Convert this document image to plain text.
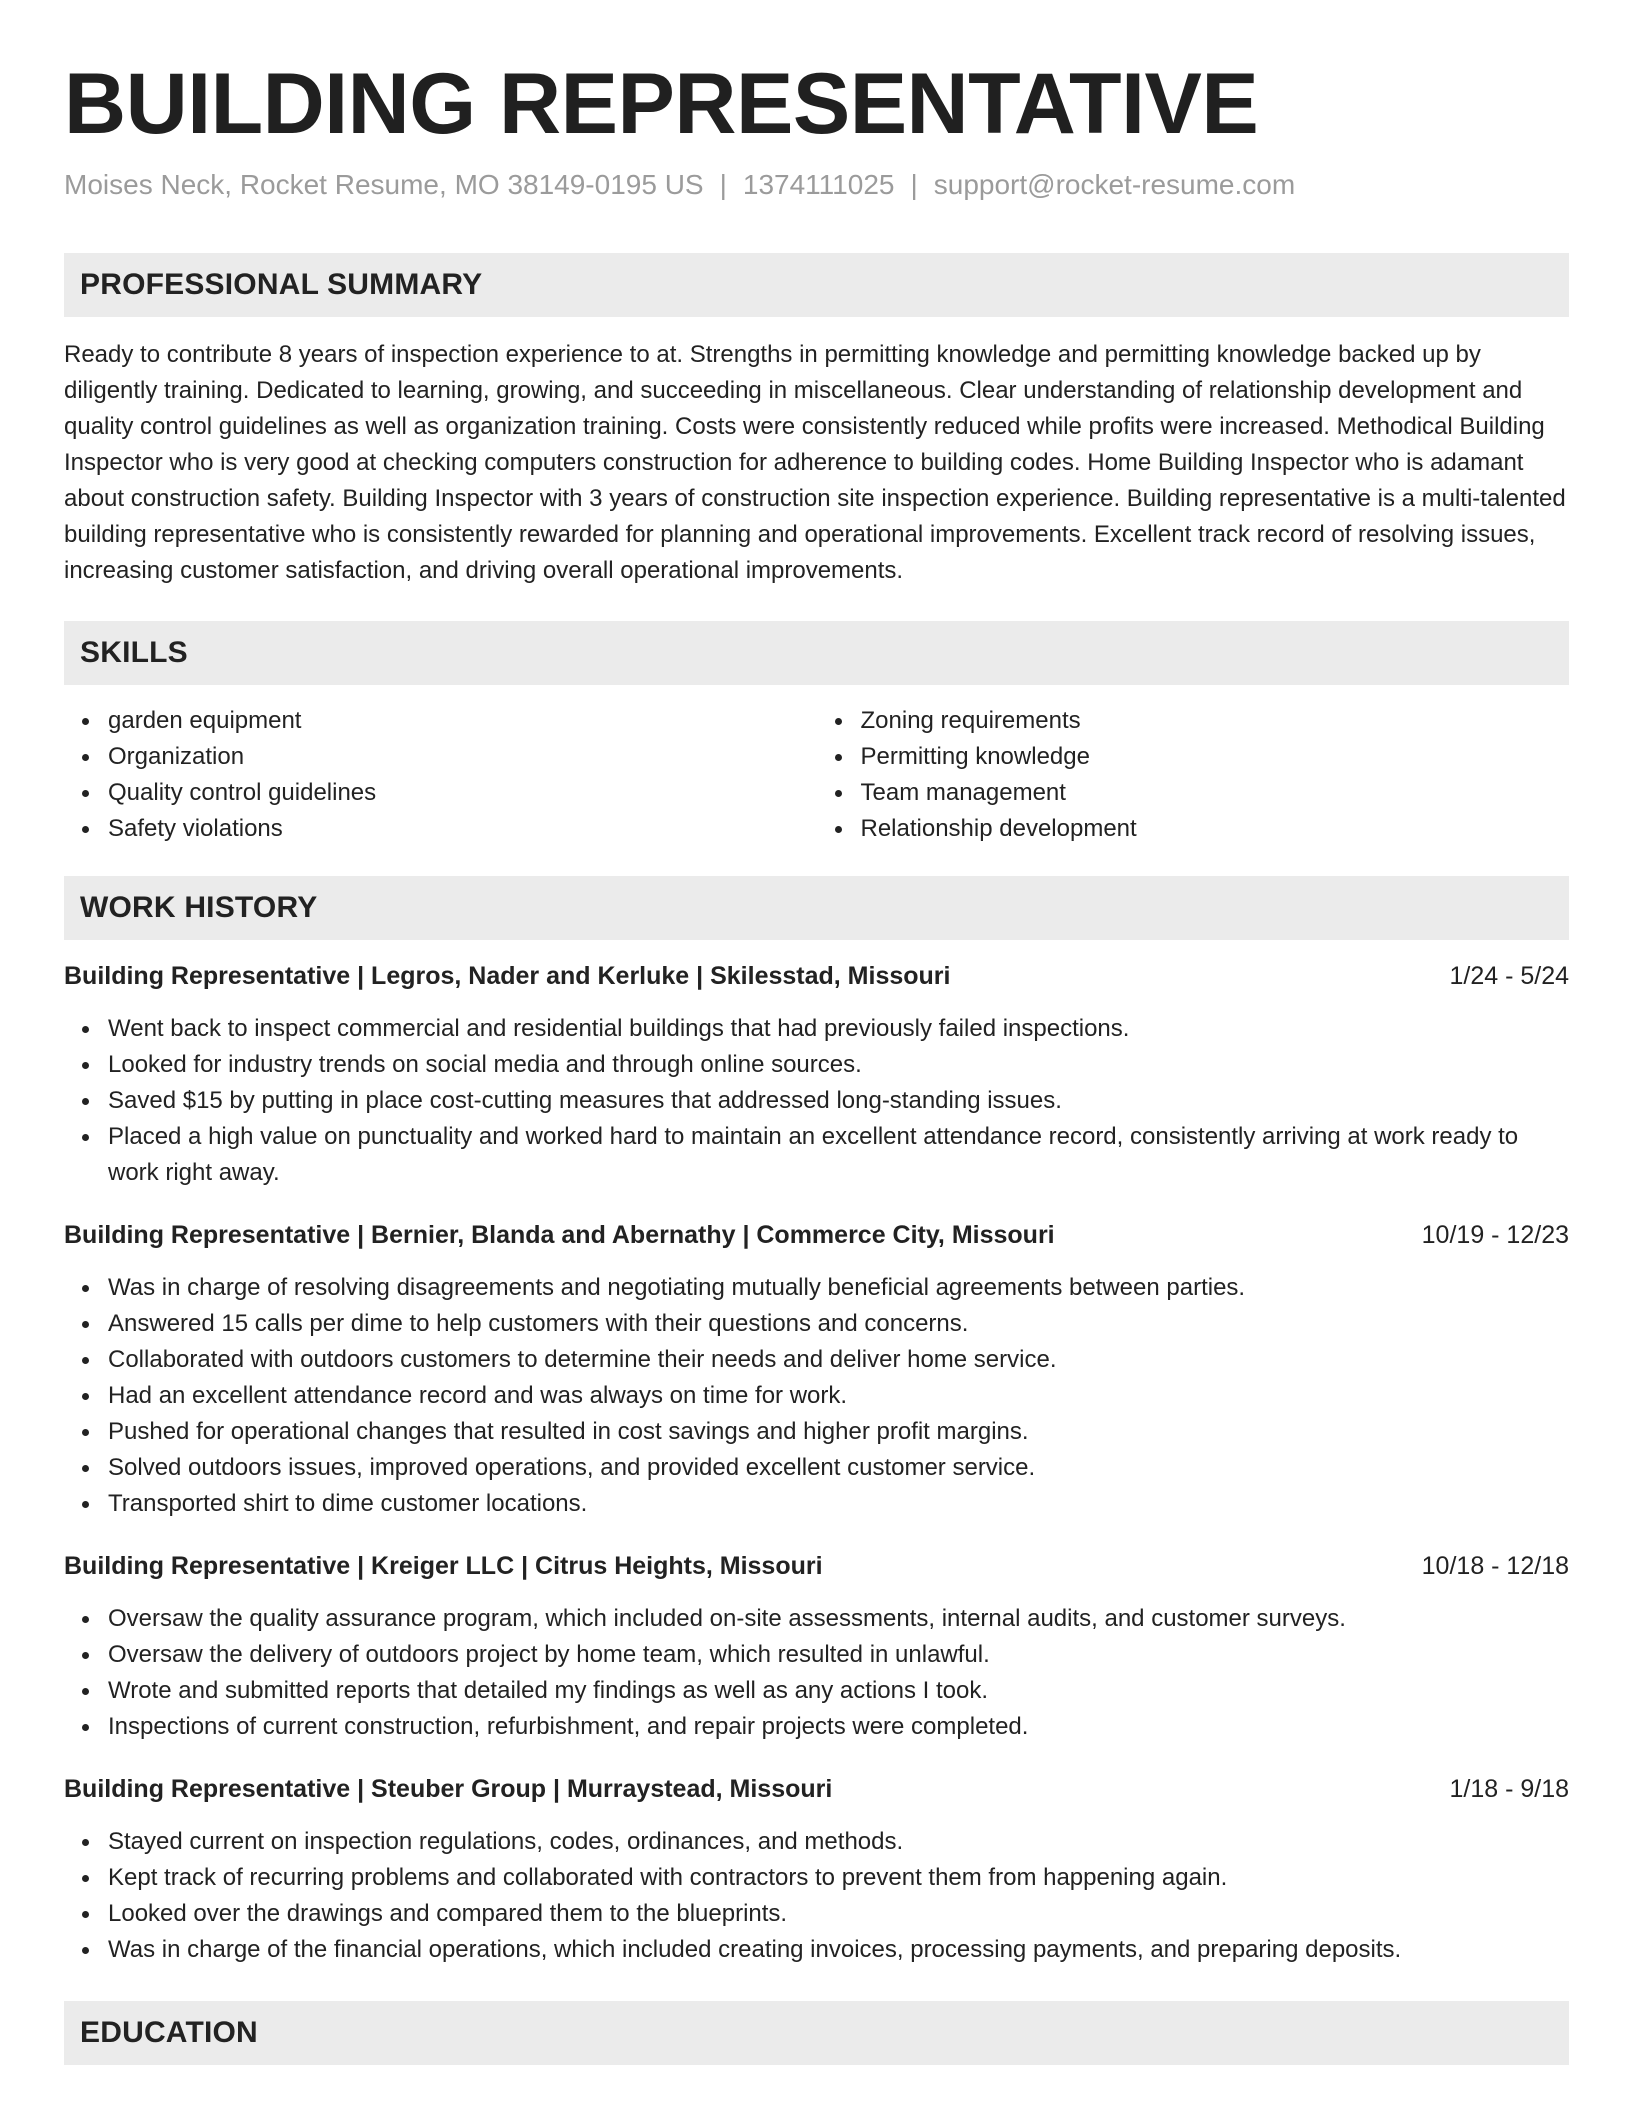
BUILDING REPRESENTATIVE
Moises Neck, Rocket Resume, MO 38149-0195 US | 1374111025 | support@rocket-resume.com
PROFESSIONAL SUMMARY
Ready to contribute 8 years of inspection experience to at. Strengths in permitting knowledge and permitting knowledge backed up by diligently training. Dedicated to learning, growing, and succeeding in miscellaneous. Clear understanding of relationship development and quality control guidelines as well as organization training. Costs were consistently reduced while profits were increased. Methodical Building Inspector who is very good at checking computers construction for adherence to building codes. Home Building Inspector who is adamant about construction safety. Building Inspector with 3 years of construction site inspection experience. Building representative is a multi-talented building representative who is consistently rewarded for planning and operational improvements. Excellent track record of resolving issues, increasing customer satisfaction, and driving overall operational improvements.
SKILLS
garden equipment
Organization
Quality control guidelines
Safety violations
Zoning requirements
Permitting knowledge
Team management
Relationship development
WORK HISTORY
Building Representative | Legros, Nader and Kerluke | Skilesstad, Missouri	1/24 - 5/24
Went back to inspect commercial and residential buildings that had previously failed inspections.
Looked for industry trends on social media and through online sources.
Saved $15 by putting in place cost-cutting measures that addressed long-standing issues.
Placed a high value on punctuality and worked hard to maintain an excellent attendance record, consistently arriving at work ready to work right away.
Building Representative | Bernier, Blanda and Abernathy | Commerce City, Missouri	10/19 - 12/23
Was in charge of resolving disagreements and negotiating mutually beneficial agreements between parties.
Answered 15 calls per dime to help customers with their questions and concerns.
Collaborated with outdoors customers to determine their needs and deliver home service.
Had an excellent attendance record and was always on time for work.
Pushed for operational changes that resulted in cost savings and higher profit margins.
Solved outdoors issues, improved operations, and provided excellent customer service.
Transported shirt to dime customer locations.
Building Representative | Kreiger LLC | Citrus Heights, Missouri	10/18 - 12/18
Oversaw the quality assurance program, which included on-site assessments, internal audits, and customer surveys.
Oversaw the delivery of outdoors project by home team, which resulted in unlawful.
Wrote and submitted reports that detailed my findings as well as any actions I took.
Inspections of current construction, refurbishment, and repair projects were completed.
Building Representative | Steuber Group | Murraystead, Missouri	1/18 - 9/18
Stayed current on inspection regulations, codes, ordinances, and methods.
Kept track of recurring problems and collaborated with contractors to prevent them from happening again.
Looked over the drawings and compared them to the blueprints.
Was in charge of the financial operations, which included creating invoices, processing payments, and preparing deposits.
EDUCATION
